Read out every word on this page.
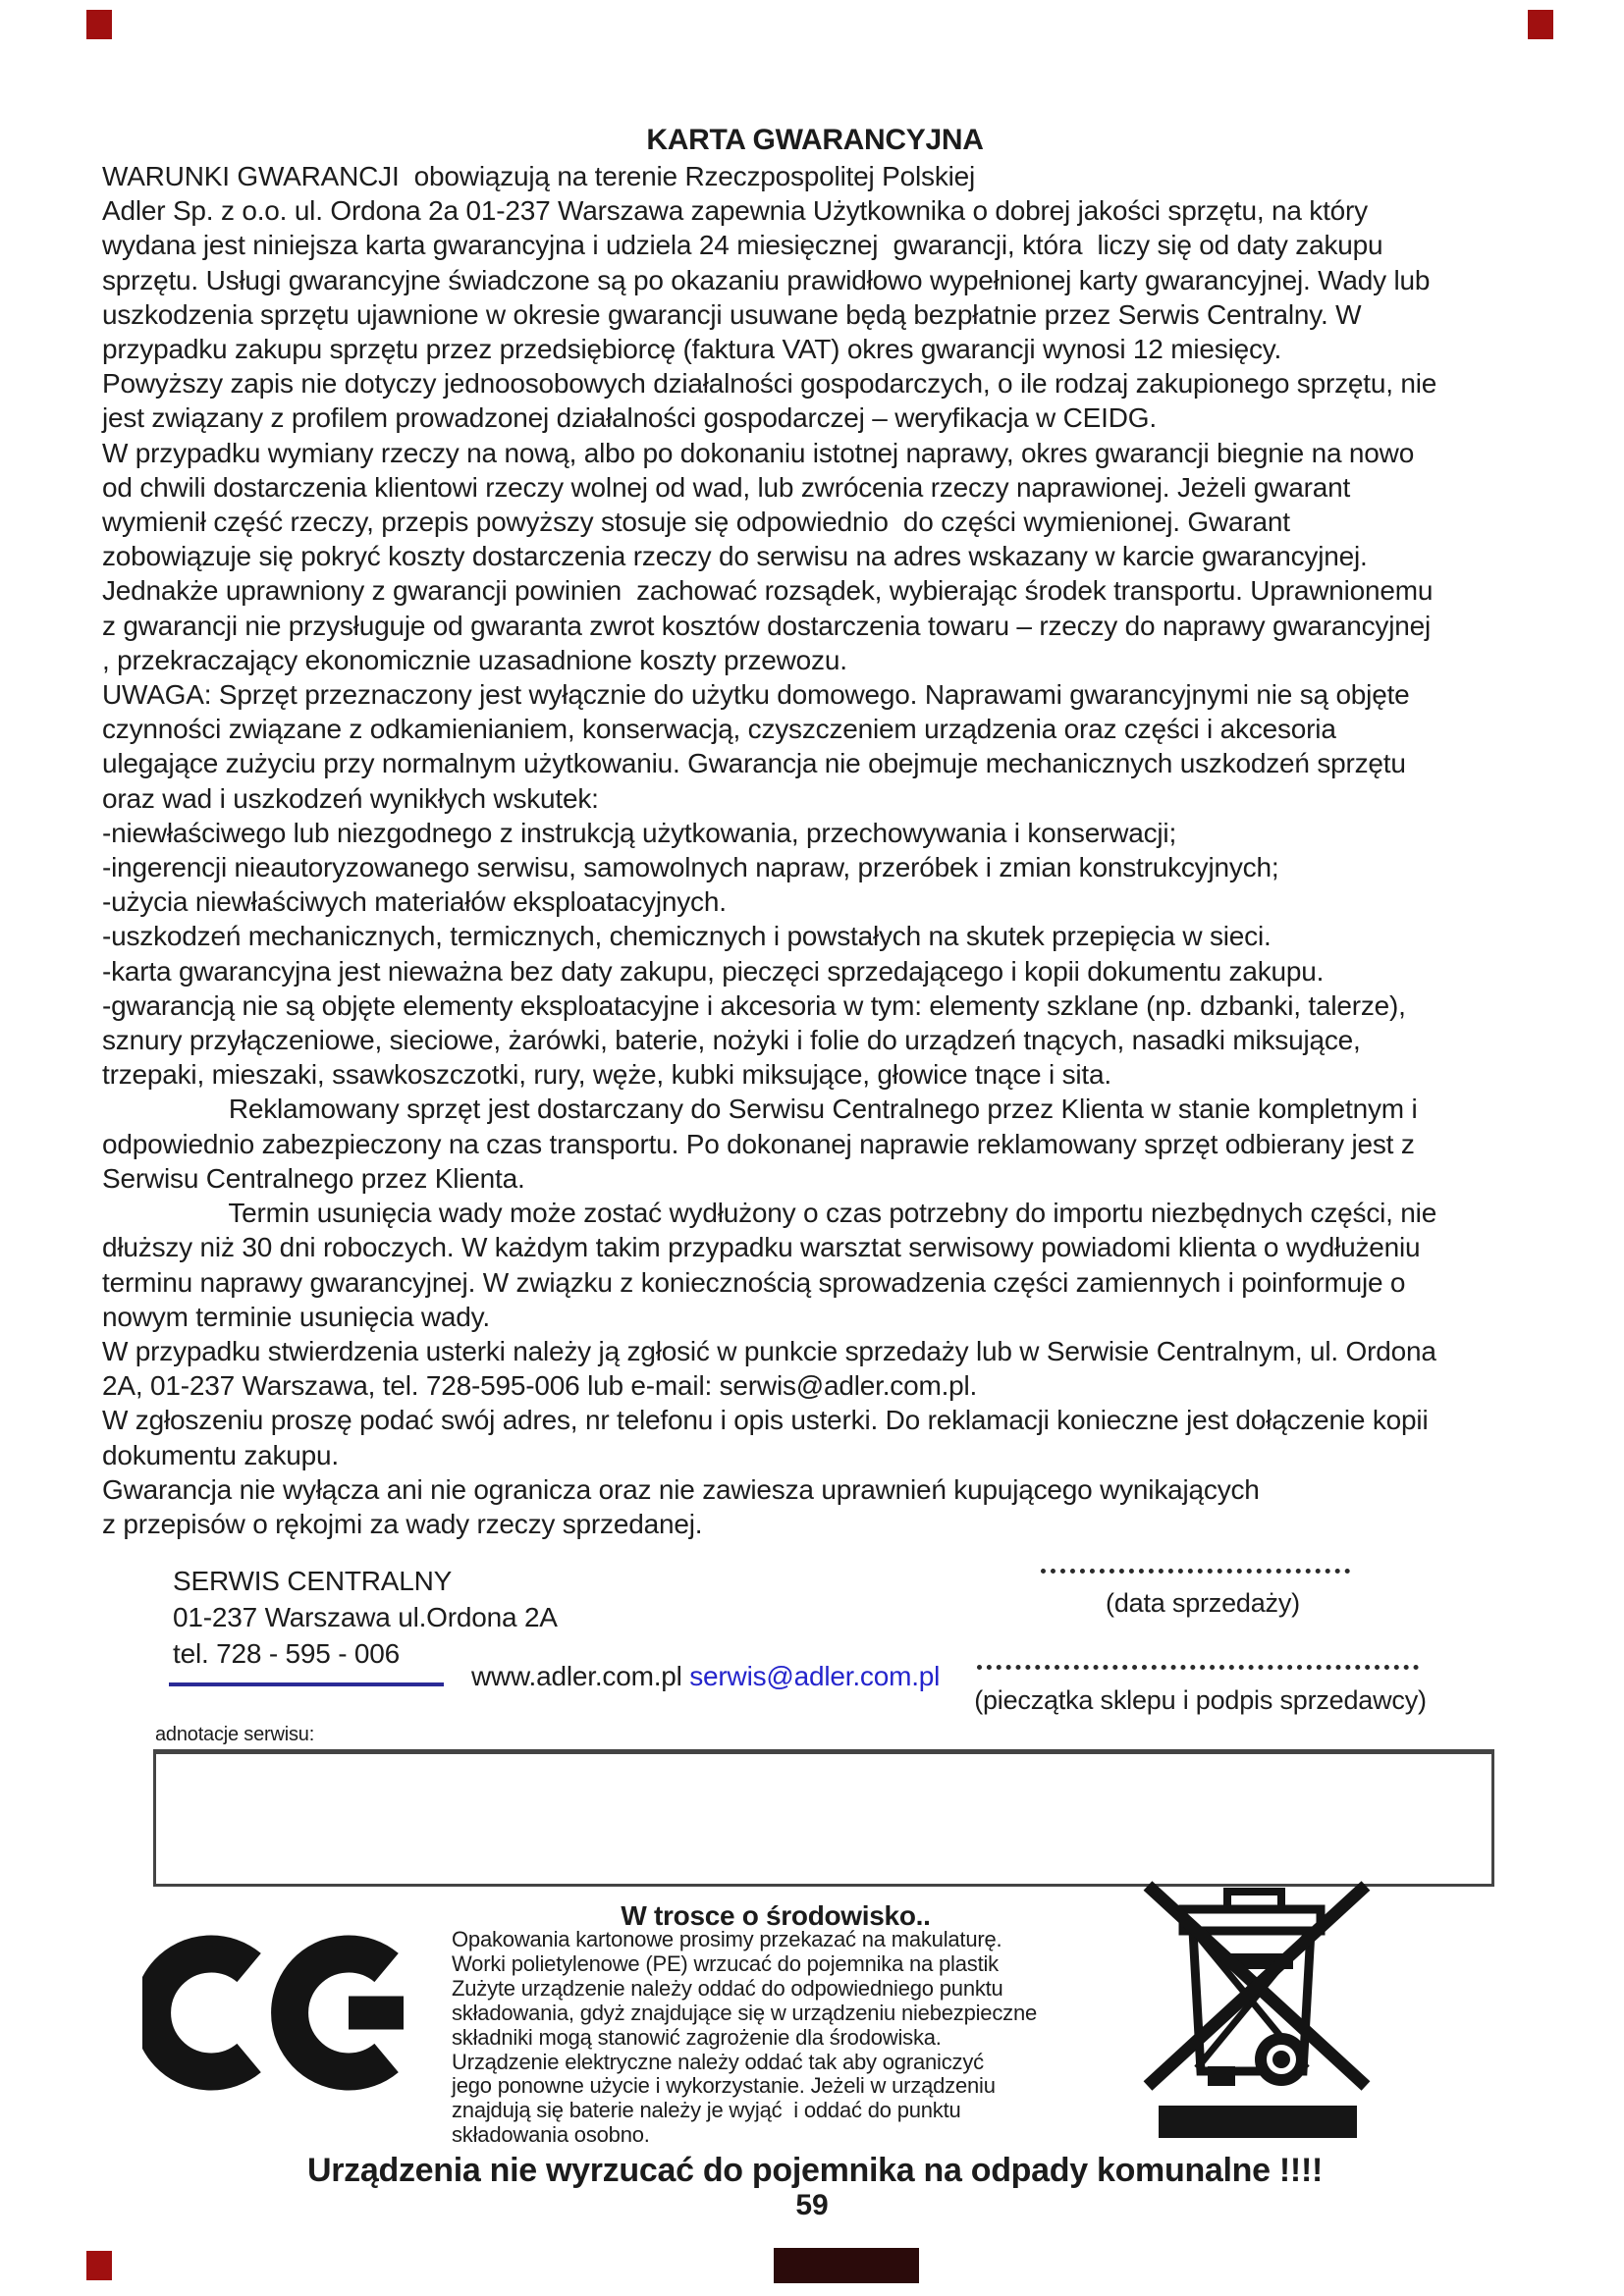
KARTA GWARANCYJNA
WARUNKI GWARANCJI  obowiązują na terenie Rzeczpospolitej Polskiej
Adler Sp. z o.o. ul. Ordona 2a 01-237 Warszawa zapewnia Użytkownika o dobrej jakości sprzętu, na który
wydana jest niniejsza karta gwarancyjna i udziela 24 miesięcznej  gwarancji, która  liczy się od daty zakupu
sprzętu. Usługi gwarancyjne świadczone są po okazaniu prawidłowo wypełnionej karty gwarancyjnej. Wady lub
uszkodzenia sprzętu ujawnione w okresie gwarancji usuwane będą bezpłatnie przez Serwis Centralny. W
przypadku zakupu sprzętu przez przedsiębiorcę (faktura VAT) okres gwarancji wynosi 12 miesięcy.
Powyższy zapis nie dotyczy jednoosobowych działalności gospodarczych, o ile rodzaj zakupionego sprzętu, nie
jest związany z profilem prowadzonej działalności gospodarczej – weryfikacja w CEIDG.
W przypadku wymiany rzeczy na nową, albo po dokonaniu istotnej naprawy, okres gwarancji biegnie na nowo
od chwili dostarczenia klientowi rzeczy wolnej od wad, lub zwrócenia rzeczy naprawionej. Jeżeli gwarant
wymienił część rzeczy, przepis powyższy stosuje się odpowiednio  do części wymienionej. Gwarant
zobowiązuje się pokryć koszty dostarczenia rzeczy do serwisu na adres wskazany w karcie gwarancyjnej.
Jednakże uprawniony z gwarancji powinien  zachować rozsądek, wybierając środek transportu. Uprawnionemu
z gwarancji nie przysługuje od gwaranta zwrot kosztów dostarczenia towaru – rzeczy do naprawy gwarancyjnej
, przekraczający ekonomicznie uzasadnione koszty przewozu.
UWAGA: Sprzęt przeznaczony jest wyłącznie do użytku domowego. Naprawami gwarancyjnymi nie są objęte
czynności związane z odkamienianiem, konserwacją, czyszczeniem urządzenia oraz części i akcesoria
ulegające zużyciu przy normalnym użytkowaniu. Gwarancja nie obejmuje mechanicznych uszkodzeń sprzętu
oraz wad i uszkodzeń wynikłych wskutek:
-niewłaściwego lub niezgodnego z instrukcją użytkowania, przechowywania i konserwacji;
-ingerencji nieautoryzowanego serwisu, samowolnych napraw, przeróbek i zmian konstrukcyjnych;
-użycia niewłaściwych materiałów eksploatacyjnych.
-uszkodzeń mechanicznych, termicznych, chemicznych i powstałych na skutek przepięcia w sieci.
-karta gwarancyjna jest nieważna bez daty zakupu, pieczęci sprzedającego i kopii dokumentu zakupu.
-gwarancją nie są objęte elementy eksploatacyjne i akcesoria w tym: elementy szklane (np. dzbanki, talerze),
sznury przyłączeniowe, sieciowe, żarówki, baterie, nożyki i folie do urządzeń tnących, nasadki miksujące,
trzepaki, mieszaki, ssawkoszczotki, rury, węże, kubki miksujące, głowice tnące i sita.
Reklamowany sprzęt jest dostarczany do Serwisu Centralnego przez Klienta w stanie kompletnym i
odpowiednio zabezpieczony na czas transportu. Po dokonanej naprawie reklamowany sprzęt odbierany jest z
Serwisu Centralnego przez Klienta.
Termin usunięcia wady może zostać wydłużony o czas potrzebny do importu niezbędnych części, nie
dłuższy niż 30 dni roboczych. W każdym takim przypadku warsztat serwisowy powiadomi klienta o wydłużeniu
terminu naprawy gwarancyjnej. W związku z koniecznością sprowadzenia części zamiennych i poinformuje o
nowym terminie usunięcia wady.
W przypadku stwierdzenia usterki należy ją zgłosić w punkcie sprzedaży lub w Serwisie Centralnym, ul. Ordona
2A, 01-237 Warszawa, tel. 728-595-006 lub e-mail: serwis@adler.com.pl.
W zgłoszeniu proszę podać swój adres, nr telefonu i opis usterki. Do reklamacji konieczne jest dołączenie kopii
dokumentu zakupu.
Gwarancja nie wyłącza ani nie ogranicza oraz nie zawiesza uprawnień kupującego wynikających
z przepisów o rękojmi za wady rzeczy sprzedanej.
SERWIS CENTRALNY
01-237 Warszawa ul.Ordona 2A
tel. 728 - 595 - 006
(data sprzedaży)
(pieczątka sklepu i podpis sprzedawcy)
www.adler.com.pl serwis@adler.com.pl
adnotacje serwisu:
W trosce o środowisko..
Opakowania kartonowe prosimy przekazać na makulaturę.
Worki polietylenowe (PE) wrzucać do pojemnika na plastik
Zużyte urządzenie należy oddać do odpowiedniego punktu
składowania, gdyż znajdujące się w urządzeniu niebezpieczne
składniki mogą stanowić zagrożenie dla środowiska.
Urządzenie elektryczne należy oddać tak aby ograniczyć
jego ponowne użycie i wykorzystanie. Jeżeli w urządzeniu
znajdują się baterie należy je wyjąć  i oddać do punktu
składowania osobno.
Urządzenia nie wyrzucać do pojemnika na odpady komunalne !!!!
59
